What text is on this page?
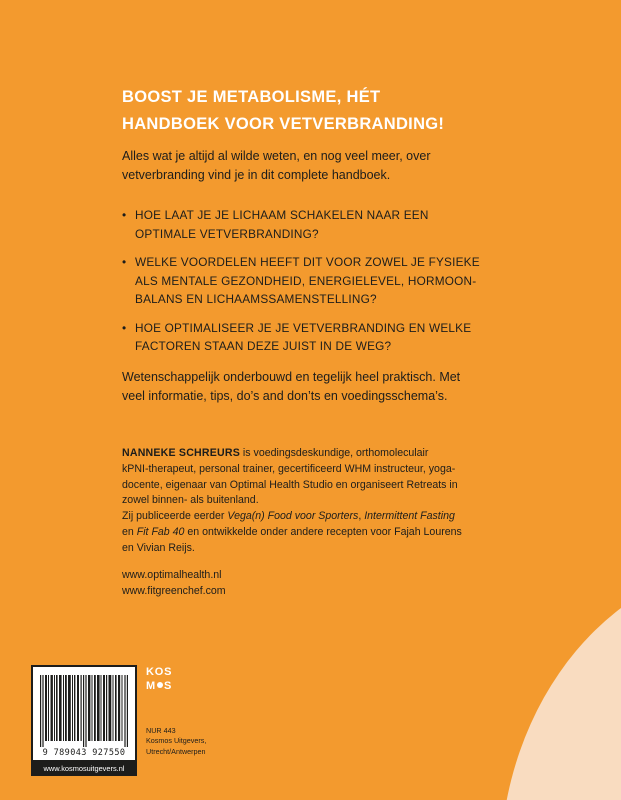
BOOST JE METABOLISME, HÉT
HANDBOEK VOOR VETVERBRANDING!
Alles wat je altijd al wilde weten, en nog veel meer, over
vetverbranding vind je in dit complete handboek.
• HOE LAAT JE JE LICHAAM SCHAKELEN NAAR EEN
OPTIMALE VETVERBRANDING?
• WELKE VOORDELEN HEEFT DIT VOOR ZOWEL JE FYSIEKE
ALS MENTALE GEZONDHEID, ENERGIELEVEL, HORMOON-
BALANS EN LICHAAMSSAMENSTELLING?
• HOE OPTIMALISEER JE JE VETVERBRANDING EN WELKE
FACTOREN STAAN DEZE JUIST IN DE WEG?
Wetenschappelijk onderbouwd en tegelijk heel praktisch. Met
veel informatie, tips, do’s and don’ts en voedingsschema’s.
NANNEKE SCHREURS is voedingsdeskundige, orthomoleculair
kPNI-therapeut, personal trainer, gecertificeerd WHM instructeur, yoga-
docente, eigenaar van Optimal Health Studio en organiseert Retreats in
zowel binnen- als buitenland.
Zij publiceerde eerder Vega(n) Food voor Sporters, Intermittent Fasting
en Fit Fab 40 en ontwikkelde onder andere recepten voor Fajah Lourens
en Vivian Reijs.
www.optimalhealth.nl
www.fitgreenchef.com
9 789043 927550
www.kosmosuitgevers.nl
KOS
M S
NUR 443
Kosmos Uitgevers,
Utrecht/Antwerpen
